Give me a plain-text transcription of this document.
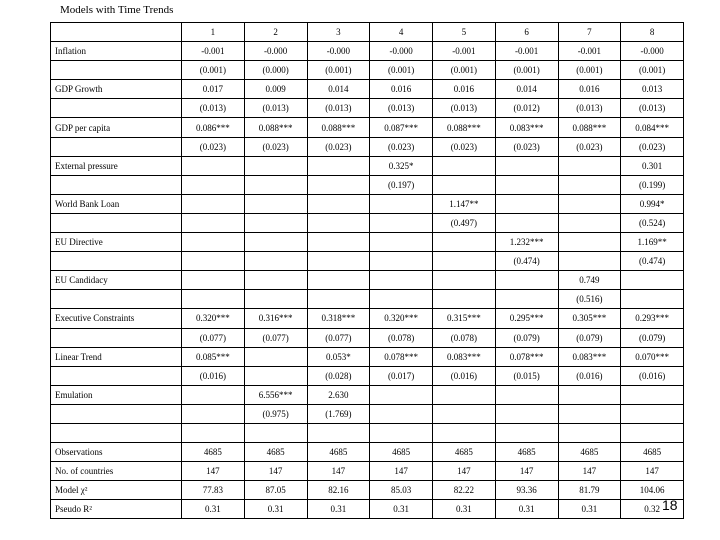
Models with Time Trends
	1	2	3	4	5	6	7	8
Inflation	-0.001	-0.000	-0.000	-0.000	-0.001	-0.001	-0.001	-0.000
	(0.001)	(0.000)	(0.001)	(0.001)	(0.001)	(0.001)	(0.001)	(0.001)
GDP Growth	0.017	0.009	0.014	0.016	0.016	0.014	0.016	0.013
	(0.013)	(0.013)	(0.013)	(0.013)	(0.013)	(0.012)	(0.013)	(0.013)
GDP per capita	0.086***	0.088***	0.088***	0.087***	0.088***	0.083***	0.088***	0.084***
	(0.023)	(0.023)	(0.023)	(0.023)	(0.023)	(0.023)	(0.023)	(0.023)
External pressure				0.325*				0.301
				(0.197)				(0.199)
World Bank Loan					1.147**			0.994*
					(0.497)			(0.524)
EU Directive						1.232***		1.169**
						(0.474)		(0.474)
EU Candidacy							0.749	
							(0.516)	
Executive Constraints	0.320***	0.316***	0.318***	0.320***	0.315***	0.295***	0.305***	0.293***
	(0.077)	(0.077)	(0.077)	(0.078)	(0.078)	(0.079)	(0.079)	(0.079)
Linear Trend	0.085***		0.053*	0.078***	0.083***	0.078***	0.083***	0.070***
	(0.016)		(0.028)	(0.017)	(0.016)	(0.015)	(0.016)	(0.016)
Emulation		6.556***	2.630					
		(0.975)	(1.769)					

Observations	4685	4685	4685	4685	4685	4685	4685	4685
No. of countries	147	147	147	147	147	147	147	147
Model χ²	77.83	87.05	82.16	85.03	82.22	93.36	81.79	104.06
Pseudo R²	0.31	0.31	0.31	0.31	0.31	0.31	0.31	0.32 18
